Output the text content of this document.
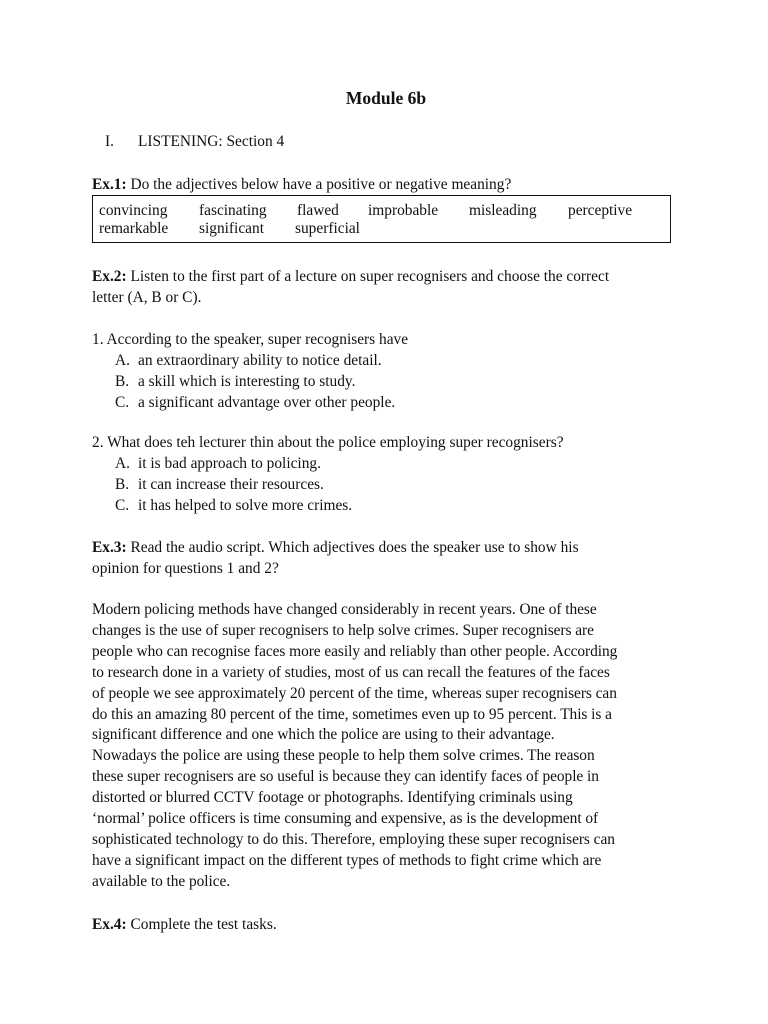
Module 6b
I. LISTENING: Section 4
Ex.1: Do the adjectives below have a positive or negative meaning?
convincing	fascinating	flawed	improbable	misleading	perceptive
remarkable	significant	superficial
Ex.2: Listen to the first part of a lecture on super recognisers and choose the correct
letter (A, B or C).
1. According to the speaker, super recognisers have
A. an extraordinary ability to notice detail.
B. a skill which is interesting to study.
C. a significant advantage over other people.
2. What does teh lecturer thin about the police employing super recognisers?
A. it is bad approach to policing.
B. it can increase their resources.
C. it has helped to solve more crimes.
Ex.3: Read the audio script. Which adjectives does the speaker use to show his
opinion for questions 1 and 2?
Modern policing methods have changed considerably in recent years. One of these
changes is the use of super recognisers to help solve crimes. Super recognisers are
people who can recognise faces more easily and reliably than other people. According
to research done in a variety of studies, most of us can recall the features of the faces
of people we see approximately 20 percent of the time, whereas super recognisers can
do this an amazing 80 percent of the time, sometimes even up to 95 percent. This is a
significant difference and one which the police are using to their advantage.
Nowadays the police are using these people to help them solve crimes. The reason
these super recognisers are so useful is because they can identify faces of people in
distorted or blurred CCTV footage or photographs. Identifying criminals using
‘normal’ police officers is time consuming and expensive, as is the development of
sophisticated technology to do this. Therefore, employing these super recognisers can
have a significant impact on the different types of methods to fight crime which are
available to the police.
Ex.4: Complete the test tasks.
